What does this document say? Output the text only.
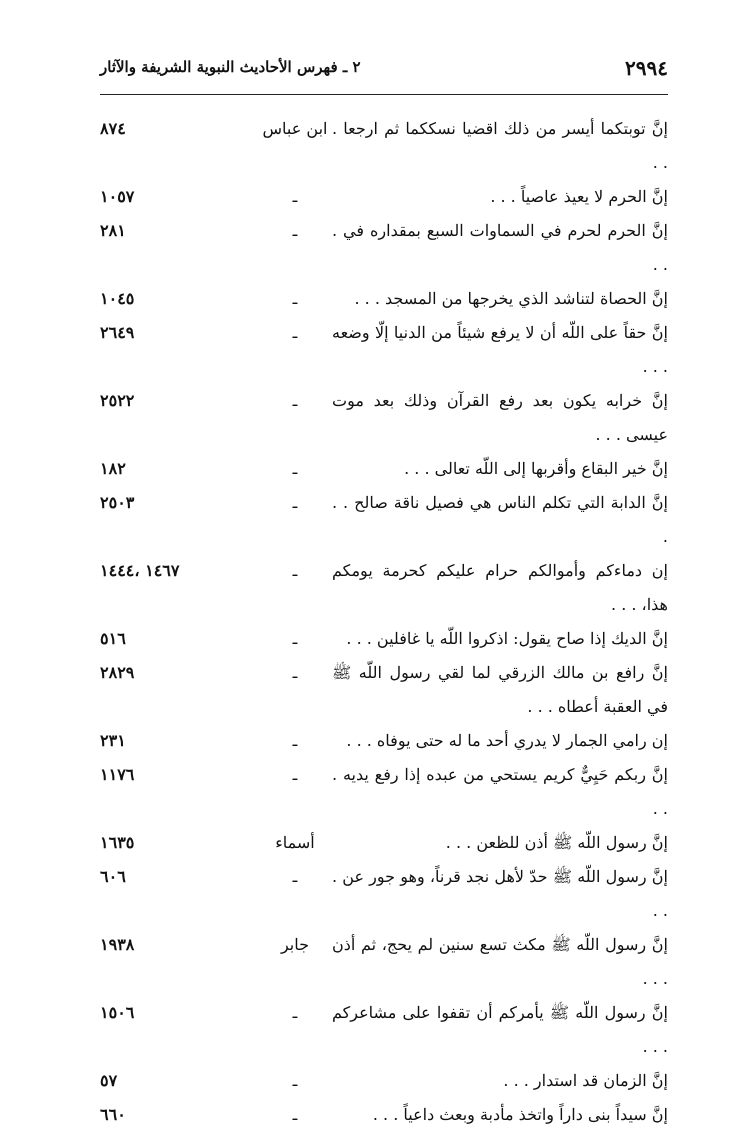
٢٩٩٤
٢ ـ فهرس الأحاديث النبوية الشريفة والآثار
إنَّ توبتكما أيسر من ذلك اقضيا نسككما ثم ارجعا . . .
ابن عباس
٨٧٤
إنَّ الحرم لا يعيذ عاصياً . . .
ـ
١٠٥٧
إنَّ الحرم لحرم في السماوات السبع بمقداره في . . .
ـ
٢٨١
إنَّ الحصاة لتناشد الذي يخرجها من المسجد . . .
ـ
١٠٤٥
إنَّ حقاً على اللّه أن لا يرفع شيئاً من الدنيا إلّا وضعه . . .
ـ
٢٦٤٩
إنَّ خرابه يكون بعد رفع القرآن وذلك بعد موت عيسى . . .
ـ
٢٥٢٢
إنَّ خير البقاع وأقربها إلى اللّه تعالى . . .
ـ
١٨٢
إنَّ الدابة التي تكلم الناس هي فصيل ناقة صالح . . .
ـ
٢٥٠٣
إن دماءكم وأموالكم حرام عليكم كحرمة يومكم هذا، . . .
ـ
١٤٦٧ ،١٤٤٤
إنَّ الديك إذا صاح يقول: اذكروا اللّه يا غافلين . . .
ـ
٥١٦
إنَّ رافع بن مالك الزرقي لما لقي رسول اللّه ﷺ في العقبة أعطاه . . .
ـ
٢٨٢٩
إن رامي الجمار لا يدري أحد ما له حتى يوفاه . . .
ـ
٢٣١
إنَّ ربكم حَيِيٌّ كريم يستحي من عبده إذا رفع يديه . . .
ـ
١١٧٦
إنَّ رسول اللّه ﷺ أذن للظعن . . .
أسماء
١٦٣٥
إنَّ رسول اللّه ﷺ حدّ لأهل نجد قرناً، وهو جور عن . . .
ـ
٦٠٦
إنَّ رسول اللّه ﷺ مكث تسع سنين لم يحج، ثم أذن . . .
جابر
١٩٣٨
إنَّ رسول اللّه ﷺ يأمركم أن تقفوا على مشاعركم . . .
ـ
١٥٠٦
إنَّ الزمان قد استدار . . .
ـ
٥٧
إنَّ سيداً بنى داراً واتخذ مأدبة وبعث داعياً . . .
ـ
٦٦٠
